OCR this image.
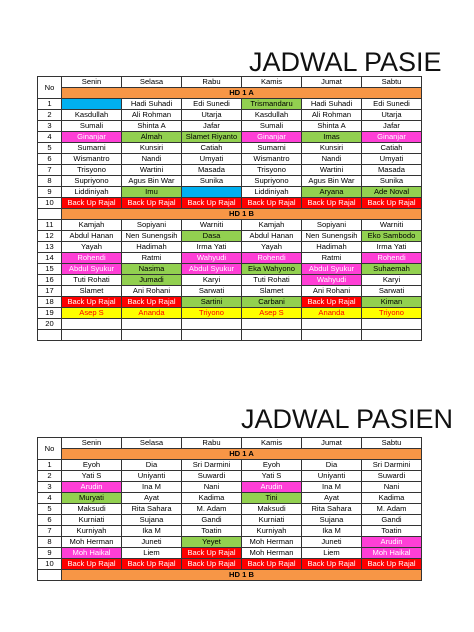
JADWAL PASIE
No	Senin	Selasa	Rabu	Kamis	Jumat	Sabtu
	HD 1 A					
1		Hadi Suhadi	Edi Sunedi	Trismandaru	Hadi Suhadi	Edi Sunedi
2	Kasdullah	Ali Rohman	Utarja	Kasdullah	Ali Rohman	Utarja
3	Sumali	Shinta A	Jafar	Sumali	Shinta A	Jafar
4	Ginanjar	Almah	Slamet Riyanto	Ginanjar	Imas	Ginanjar
5	Sumarni	Kunsiri	Catiah	Sumarni	Kunsiri	Catiah
6	Wismantro	Nandi	Umyati	Wismantro	Nandi	Umyati
7	Trisyono	Wartini	Masada	Trisyono	Wartini	Masada
8	Supriyono	Agus Bin War	Sunika	Supriyono	Agus Bin War	Sunika
9	Liddiniyah	Imu		Liddiniyah	Aryana	Ade Noval
10	Back Up Rajal	Back Up Rajal	Back Up Rajal	Back Up Rajal	Back Up Rajal	Back Up Rajal
	HD 1 B					
11	Kamjah	Sopiyani	Warniti	Kamjah	Sopiyani	Warniti
12	Abdul Hanan	Nen Sunengsih	Dasa	Abdul Hanan	Nen Sunengsih	Eko Sambodo
13	Yayah	Hadimah	Irma Yati	Yayah	Hadimah	Irma Yati
14	Rohendi	Ratmi	Wahyudi	Rohendi	Ratmi	Rohendi
15	Abdul Syukur	Nasima	Abdul Syukur	Eka Wahyono	Abdul Syukur	Suhaemah
16	Tuti Rohati	Jumadi	Karyi	Tuti Rohati	Wahyudi	Karyi
17	Slamet	Ani Rohani	Sarwati	Slamet	Ani Rohani	Sarwati
18	Back Up Rajal	Back Up Rajal	Sartini	Carbani	Back Up Rajal	Kiman
19	Asep S	Ananda	Triyono	Asep S	Ananda	Triyono
20						

JADWAL PASIEN
No	Senin	Selasa	Rabu	Kamis	Jumat	Sabtu
	HD 1 A					
1	Eyoh	Dia	Sri Darmini	Eyoh	Dia	Sri Darmini
2	Yati S	Uniyanti	Suwardi	Yati S	Uniyanti	Suwardi
3	Arudin	Ina M	Nani	Arudin	Ina M	Nani
4	Muryati	Ayat	Kadima	Tini	Ayat	Kadima
5	Maksudi	Rita Sahara	M. Adam	Maksudi	Rita Sahara	M. Adam
6	Kurniati	Sujana	Gandi	Kurniati	Sujana	Gandi
7	Kurniyah	Ika M	Toatin	Kurniyah	Ika M	Toatin
8	Moh Herman	Juneti	Yeyet	Moh Herman	Juneti	Arudin
9	Moh Haikal	Liem	Back Up Rajal	Moh Herman	Liem	Moh Haikal
10	Back Up Rajal	Back Up Rajal	Back Up Rajal	Back Up Rajal	Back Up Rajal	Back Up Rajal
	HD 1 B					
